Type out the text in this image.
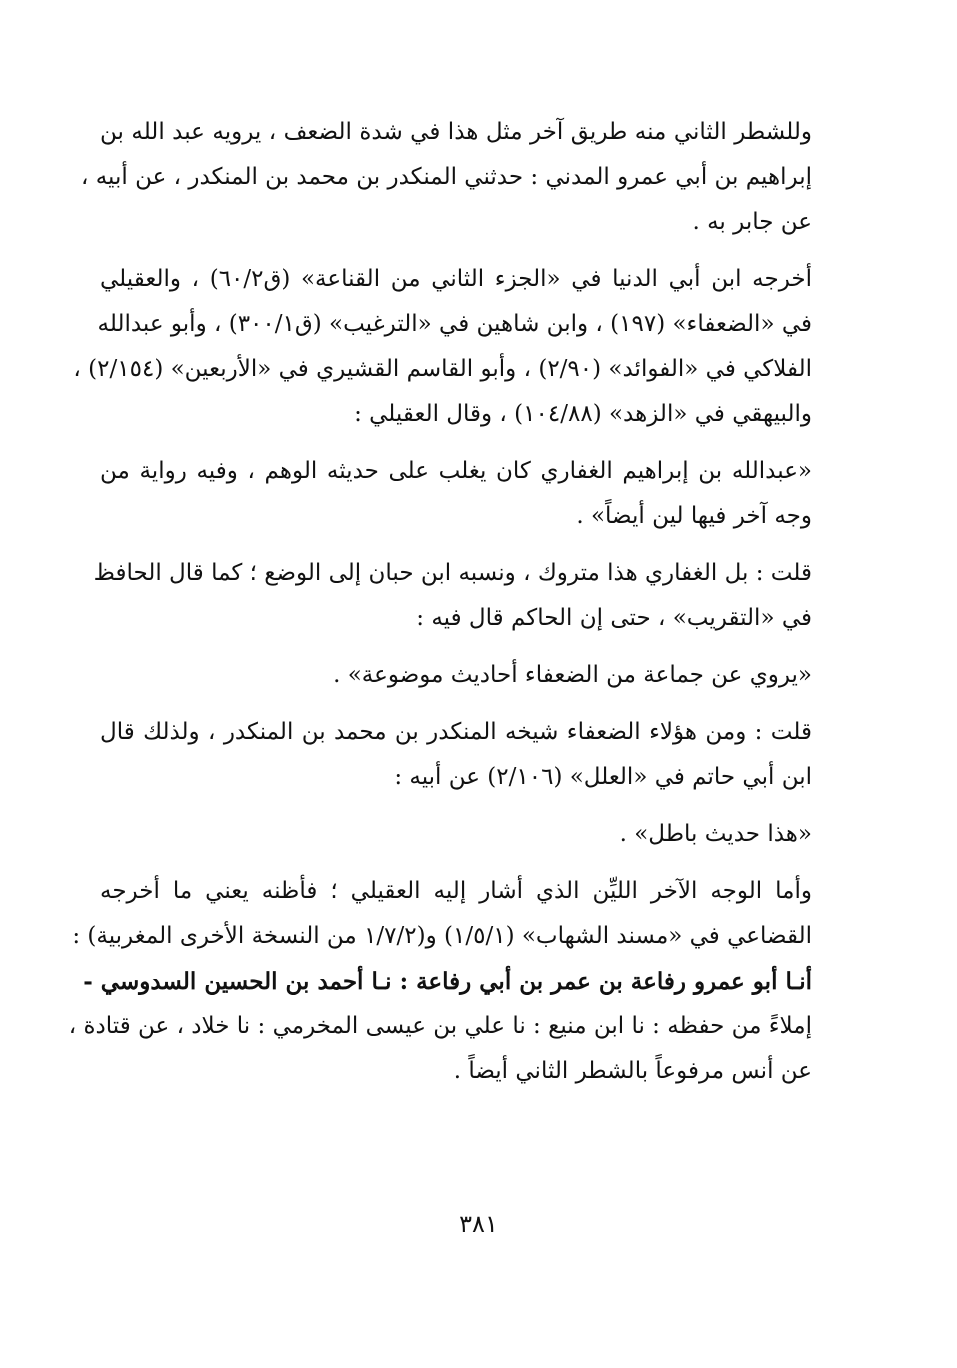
وللشطر الثاني منه طريق آخر مثل هذا في شدة الضعف ، يرويه عبد الله بن
إبراهيم بن أبي عمرو المدني : حدثني المنكدر بن محمد بن المنكدر ، عن أبيه ،
عن جابر به .

أخرجه ابن أبي الدنيا في «الجزء الثاني من القناعة» (ق٦٠/٢) ، والعقيلي
في «الضعفاء» (١٩٧) ، وابن شاهين في «الترغيب» (ق٣٠٠/١) ، وأبو عبدالله
الفلاكي في «الفوائد» (٢/٩٠) ، وأبو القاسم القشيري في «الأربعين» (٢/١٥٤) ،
والبيهقي في «الزهد» (١٠٤/٨٨) ، وقال العقيلي :

«عبدالله بن إبراهيم الغفاري كان يغلب على حديثه الوهم ، وفيه رواية من
وجه آخر فيها لين أيضاً» .

قلت : بل الغفاري هذا متروك ، ونسبه ابن حبان إلى الوضع ؛ كما قال الحافظ
في «التقريب» ، حتى إن الحاكم قال فيه :

«يروي عن جماعة من الضعفاء أحاديث موضوعة» .

قلت : ومن هؤلاء الضعفاء شيخه المنكدر بن محمد بن المنكدر ، ولذلك قال
ابن أبي حاتم في «العلل» (٢/١٠٦) عن أبيه :

«هذا حديث باطل» .

وأما الوجه الآخر الليِّن الذي أشار إليه العقيلي ؛ فأظنه يعني ما أخرجه
القضاعي في «مسند الشهاب» (١/٥/١) و(١/٧/٢ من النسخة الأخرى المغربية) :
أنـا أبو عمرو رفاعة بن عمر بن أبي رفاعة : نـا أحمد بن الحسين السدوسي -
إملاءً من حفظه : نا ابن منيع : نا علي بن عيسى المخرمي : نا خلاد ، عن قتادة ،
عن أنس مرفوعاً بالشطر الثاني أيضاً .

٣٨١
